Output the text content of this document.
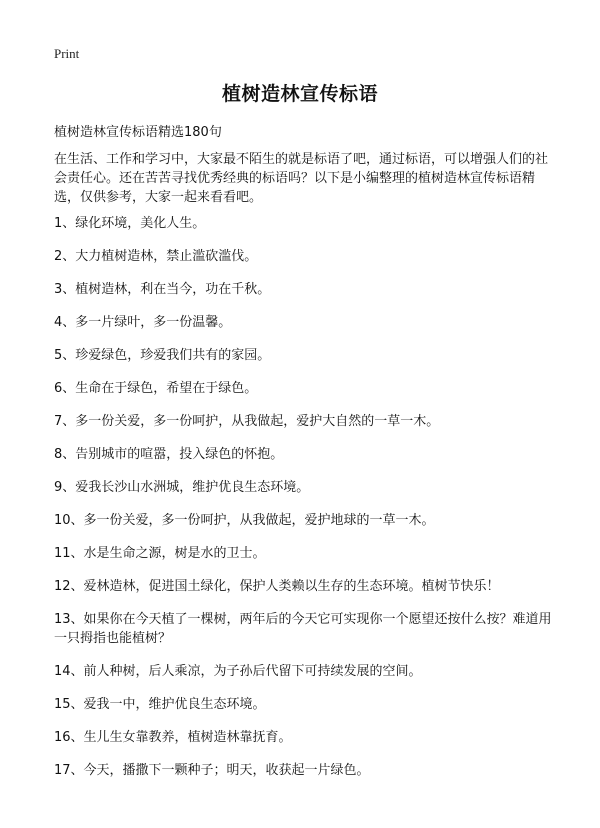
Print
植树造林宣传标语

植树造林宣传标语精选180句

在生活、工作和学习中，大家最不陌生的就是标语了吧，通过标语，可以增强人们的社会责任心。还在苦苦寻找优秀经典的标语吗？以下是小编整理的植树造林宣传标语精选，仅供参考，大家一起来看看吧。

1、绿化环境，美化人生。
2、大力植树造林，禁止滥砍滥伐。
3、植树造林，利在当今，功在千秋。
4、多一片绿叶，多一份温馨。
5、珍爱绿色，珍爱我们共有的家园。
6、生命在于绿色，希望在于绿色。
7、多一份关爱，多一份呵护，从我做起，爱护大自然的一草一木。
8、告别城市的喧嚣，投入绿色的怀抱。
9、爱我长沙山水洲城，维护优良生态环境。
10、多一份关爱，多一份呵护，从我做起，爱护地球的一草一木。
11、水是生命之源，树是水的卫士。
12、爱林造林，促进国土绿化，保护人类赖以生存的生态环境。植树节快乐！
13、如果你在今天植了一棵树，两年后的今天它可实现你一个愿望还按什么按？难道用一只拇指也能植树？
14、前人种树，后人乘凉，为子孙后代留下可持续发展的空间。
15、爱我一中，维护优良生态环境。
16、生儿生女靠教养，植树造林靠抚育。
17、今天，播撒下一颗种子；明天，收获起一片绿色。
